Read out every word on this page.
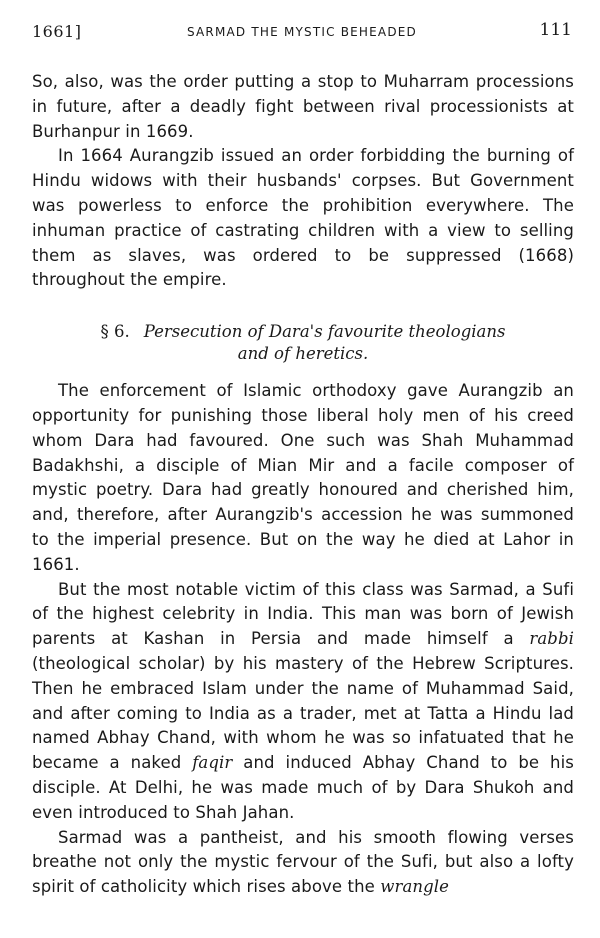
1661]	SARMAD THE MYSTIC BEHEADED	111

So, also, was the order putting a stop to Muharram processions in future, after a deadly fight between rival processionists at Burhanpur in 1669.

In 1664 Aurangzib issued an order forbidding the burning of Hindu widows with their husbands' corpses. But Government was powerless to enforce the prohibition everywhere. The inhuman practice of castrating children with a view to selling them as slaves, was ordered to be suppressed (1668) throughout the empire.

§ 6. Persecution of Dara's favourite theologians
and of heretics.

The enforcement of Islamic orthodoxy gave Aurangzib an opportunity for punishing those liberal holy men of his creed whom Dara had favoured. One such was Shah Muhammad Badakhshi, a disciple of Mian Mir and a facile composer of mystic poetry. Dara had greatly honoured and cherished him, and, therefore, after Aurangzib's accession he was summoned to the imperial presence. But on the way he died at Lahor in 1661.

But the most notable victim of this class was Sarmad, a Sufi of the highest celebrity in India. This man was born of Jewish parents at Kashan in Persia and made himself a rabbi (theological scholar) by his mastery of the Hebrew Scriptures. Then he embraced Islam under the name of Muhammad Said, and after coming to India as a trader, met at Tatta a Hindu lad named Abhay Chand, with whom he was so infatuated that he became a naked faqir and induced Abhay Chand to be his disciple. At Delhi, he was made much of by Dara Shukoh and even introduced to Shah Jahan.

Sarmad was a pantheist, and his smooth flowing verses breathe not only the mystic fervour of the Sufi, but also a lofty spirit of catholicity which rises above the wrangle
